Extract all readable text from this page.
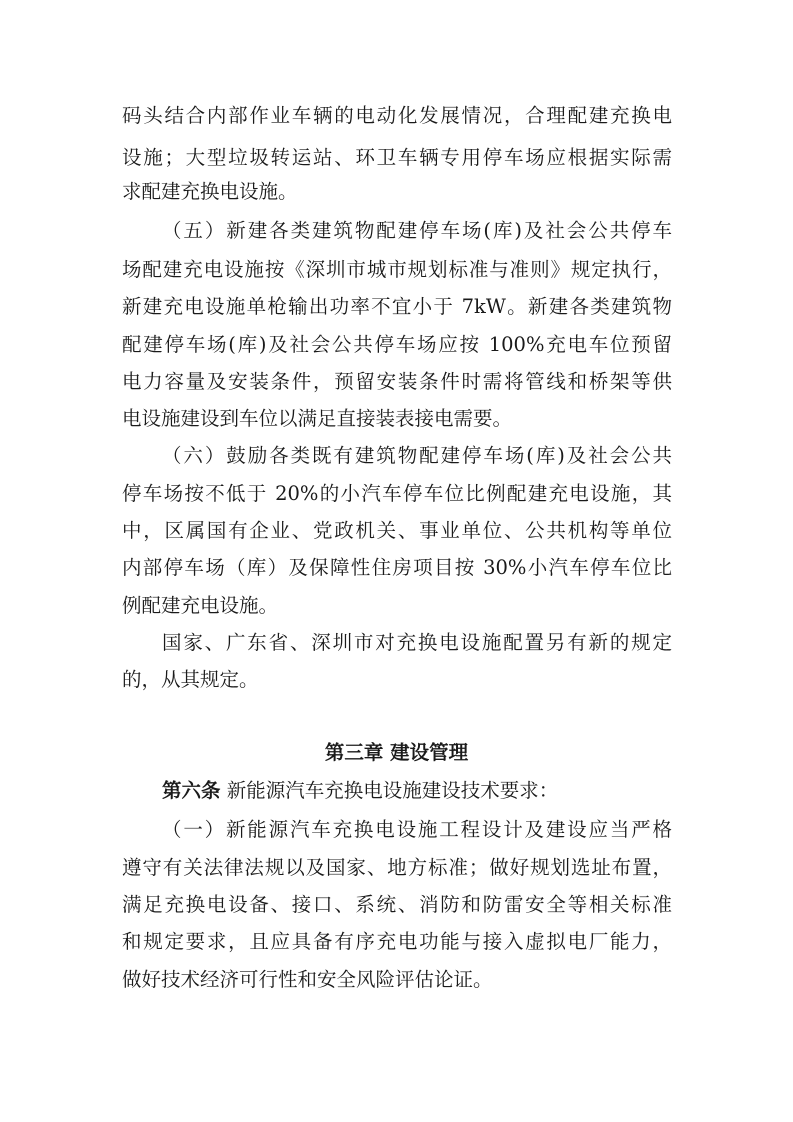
码头结合内部作业车辆的电动化发展情况，合理配建充换电
设施；大型垃圾转运站、环卫车辆专用停车场应根据实际需
求配建充换电设施。
（五）新建各类建筑物配建停车场(库)及社会公共停车
场配建充电设施按《深圳市城市规划标准与准则》规定执行，
新建充电设施单枪输出功率不宜小于 7kW。新建各类建筑物
配建停车场(库)及社会公共停车场应按 100%充电车位预留
电力容量及安装条件，预留安装条件时需将管线和桥架等供
电设施建设到车位以满足直接装表接电需要。
（六）鼓励各类既有建筑物配建停车场(库)及社会公共
停车场按不低于 20%的小汽车停车位比例配建充电设施，其
中，区属国有企业、党政机关、事业单位、公共机构等单位
内部停车场（库）及保障性住房项目按 30%小汽车停车位比
例配建充电设施。
国家、广东省、深圳市对充换电设施配置另有新的规定
的，从其规定。
第三章 建设管理
第六条 新能源汽车充换电设施建设技术要求：
（一）新能源汽车充换电设施工程设计及建设应当严格
遵守有关法律法规以及国家、地方标准；做好规划选址布置，
满足充换电设备、接口、系统、消防和防雷安全等相关标准
和规定要求，且应具备有序充电功能与接入虚拟电厂能力，
做好技术经济可行性和安全风险评估论证。
